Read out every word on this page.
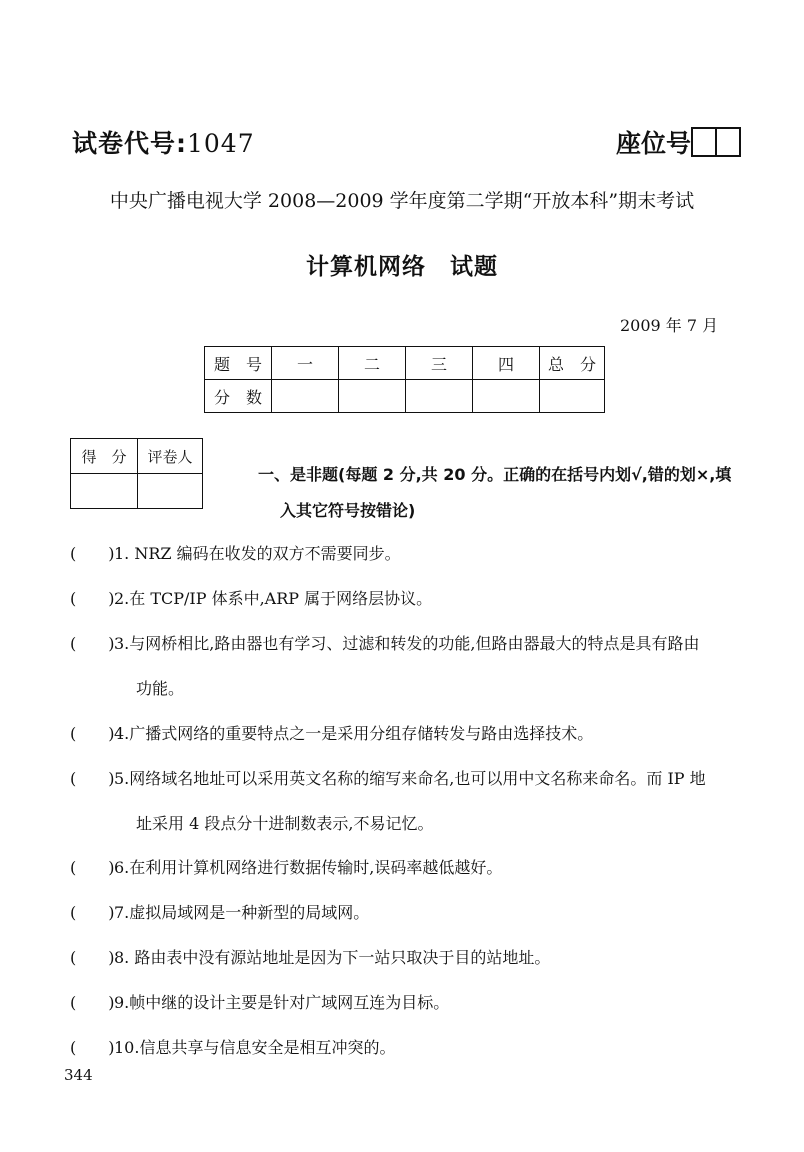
试卷代号:1047	座位号
中央广播电视大学 2008—2009 学年度第二学期“开放本科”期末考试
计算机网络　试题
2009 年 7 月
题　号	一	二	三	四	总　分
分　数					
得　分	评卷人

一、是非题(每题 2 分,共 20 分。正确的在括号内划√,错的划×,填
入其它符号按错论)
(　　) 1. NRZ 编码在收发的双方不需要同步。
(　　) 2.在 TCP/IP 体系中,ARP 属于网络层协议。
(　　) 3.与网桥相比,路由器也有学习、过滤和转发的功能,但路由器最大的特点是具有路由
功能。
(　　) 4.广播式网络的重要特点之一是采用分组存储转发与路由选择技术。
(　　) 5.网络域名地址可以采用英文名称的缩写来命名,也可以用中文名称来命名。而 IP 地
址采用 4 段点分十进制数表示,不易记忆。
(　　) 6.在利用计算机网络进行数据传输时,误码率越低越好。
(　　) 7.虚拟局域网是一种新型的局域网。
(　　) 8. 路由表中没有源站地址是因为下一站只取决于目的站地址。
(　　) 9.帧中继的设计主要是针对广域网互连为目标。
(　　) 10.信息共享与信息安全是相互冲突的。
344
